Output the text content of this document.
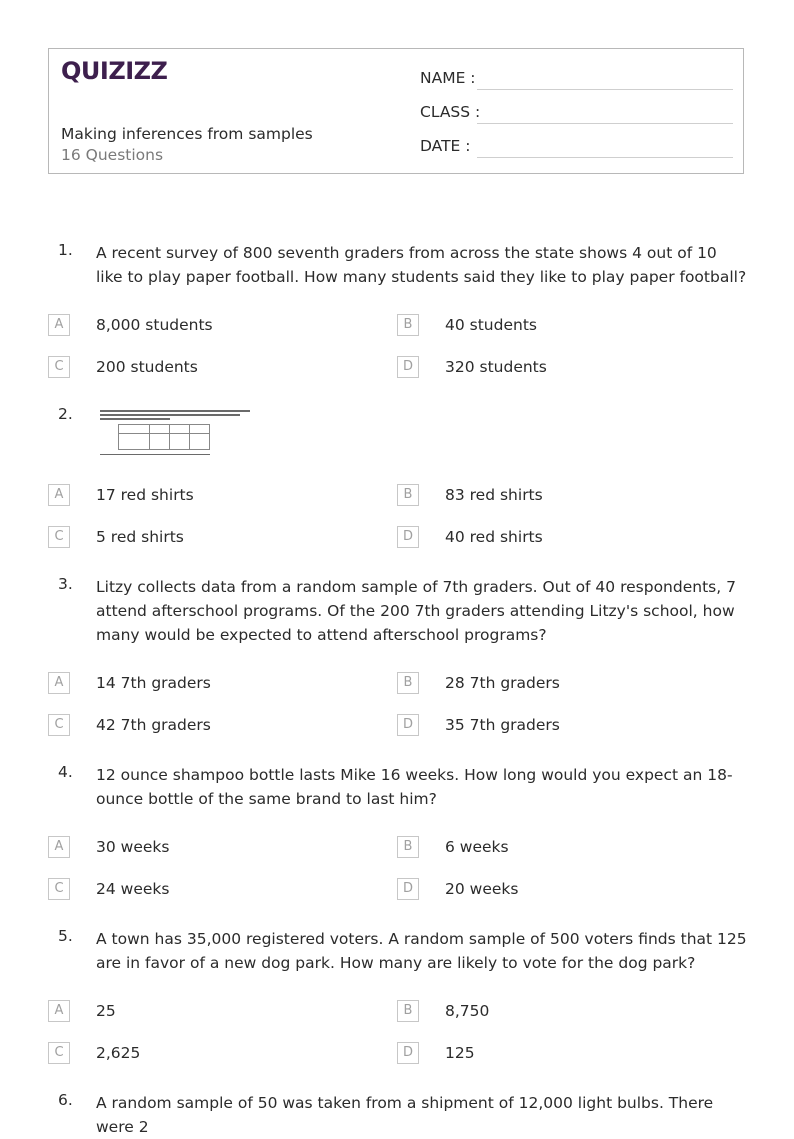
QUIZIZZ
Making inferences from samples
16 Questions
NAME :
CLASS :
DATE :
1.	A recent survey of 800 seventh graders from across the state shows 4 out of 10 like to play paper football. How many students said they like to play paper football?
A	8,000 students	B	40 students
C	200 students	D	320 students
2.
A	17 red shirts	B	83 red shirts
C	5 red shirts	D	40 red shirts
3.	Litzy collects data from a random sample of 7th graders. Out of 40 respondents, 7 attend afterschool programs. Of the 200 7th graders attending Litzy's school, how many would be expected to attend afterschool programs?
A	14 7th graders	B	28 7th graders
C	42 7th graders	D	35 7th graders
4.	12 ounce shampoo bottle lasts Mike 16 weeks. How long would you expect an 18-ounce bottle of the same brand to last him?
A	30 weeks	B	6 weeks
C	24 weeks	D	20 weeks
5.	A town has 35,000 registered voters. A random sample of 500 voters finds that 125 are in favor of a new dog park. How many are likely to vote for the dog park?
A	25	B	8,750
C	2,625	D	125
6.	A random sample of 50 was taken from a shipment of 12,000 light bulbs. There were 2
